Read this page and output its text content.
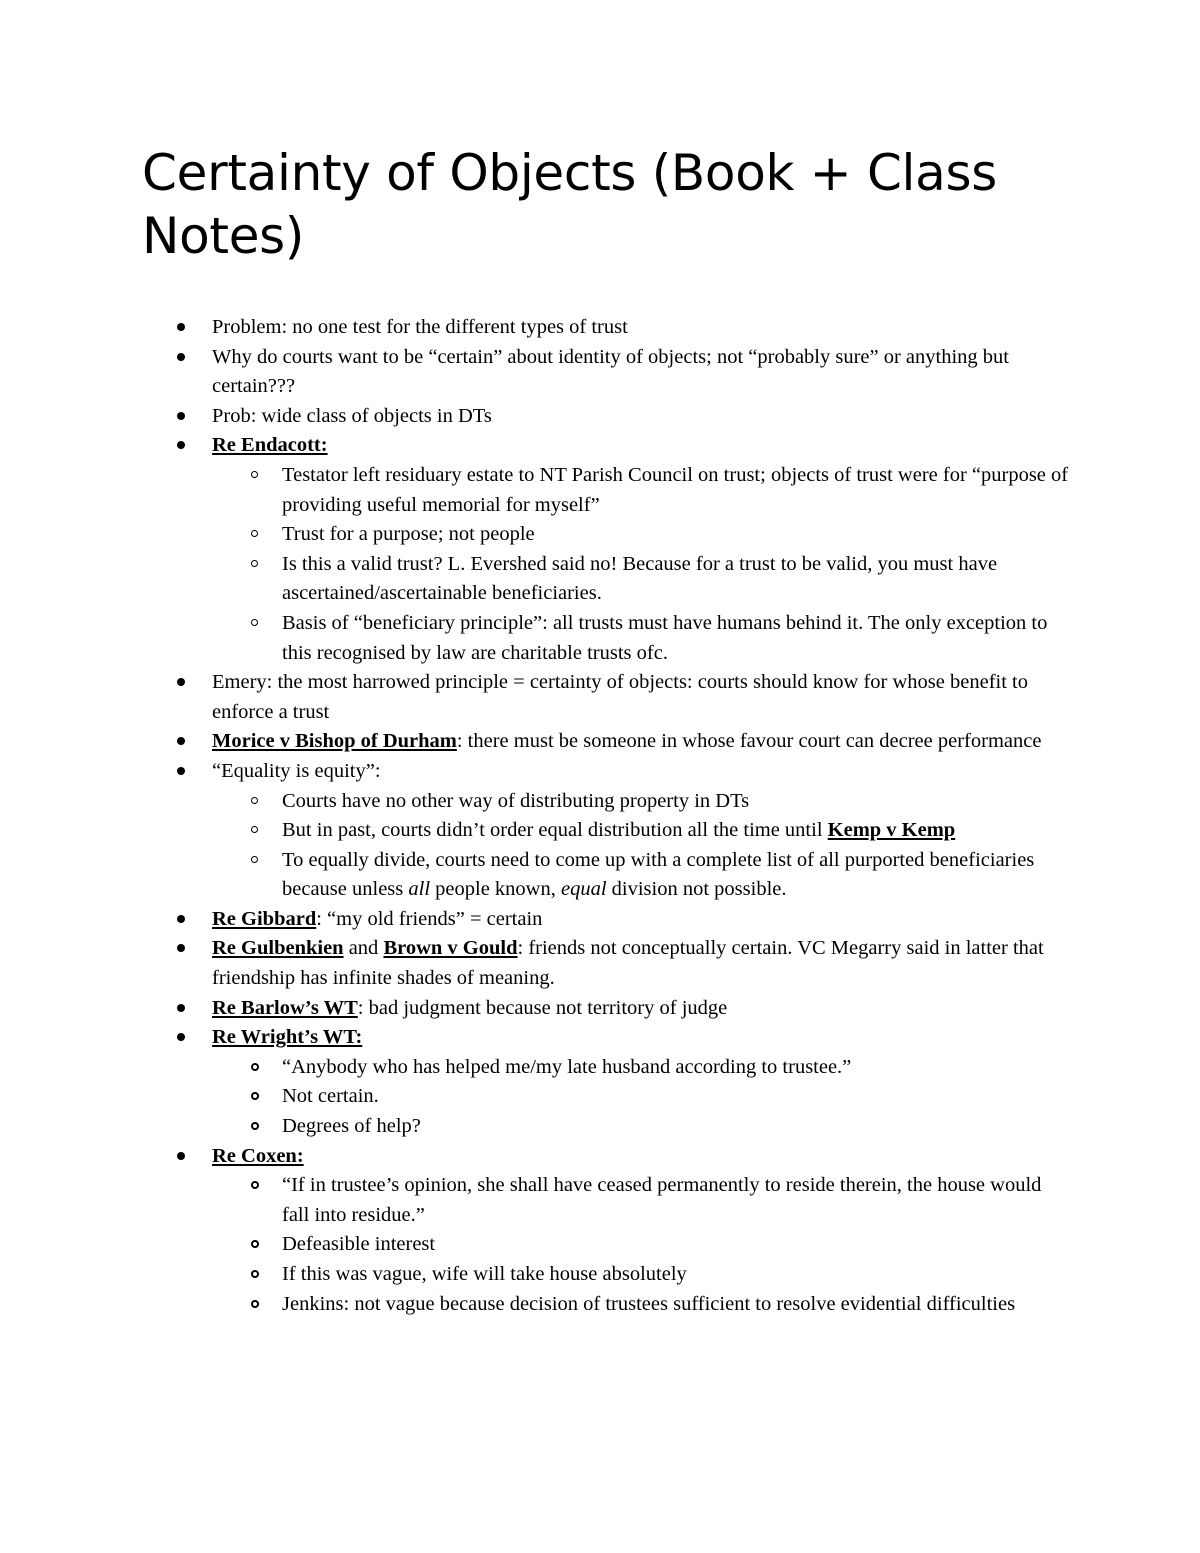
Certainty of Objects (Book + Class Notes)
Problem: no one test for the different types of trust
Why do courts want to be “certain” about identity of objects; not “probably sure” or anything but certain???
Prob: wide class of objects in DTs
Re Endacott:
Testator left residuary estate to NT Parish Council on trust; objects of trust were for “purpose of providing useful memorial for myself”
Trust for a purpose; not people
Is this a valid trust? L. Evershed said no! Because for a trust to be valid, you must have ascertained/ascertainable beneficiaries.
Basis of “beneficiary principle”: all trusts must have humans behind it. The only exception to this recognised by law are charitable trusts ofc.
Emery: the most harrowed principle = certainty of objects: courts should know for whose benefit to enforce a trust
Morice v Bishop of Durham: there must be someone in whose favour court can decree performance
“Equality is equity”:
Courts have no other way of distributing property in DTs
But in past, courts didn’t order equal distribution all the time until Kemp v Kemp
To equally divide, courts need to come up with a complete list of all purported beneficiaries because unless all people known, equal division not possible.
Re Gibbard: “my old friends” = certain
Re Gulbenkien and Brown v Gould: friends not conceptually certain. VC Megarry said in latter that friendship has infinite shades of meaning.
Re Barlow’s WT: bad judgment because not territory of judge
Re Wright’s WT:
“Anybody who has helped me/my late husband according to trustee.”
Not certain.
Degrees of help?
Re Coxen:
“If in trustee’s opinion, she shall have ceased permanently to reside therein, the house would fall into residue.”
Defeasible interest
If this was vague, wife will take house absolutely
Jenkins: not vague because decision of trustees sufficient to resolve evidential difficulties
